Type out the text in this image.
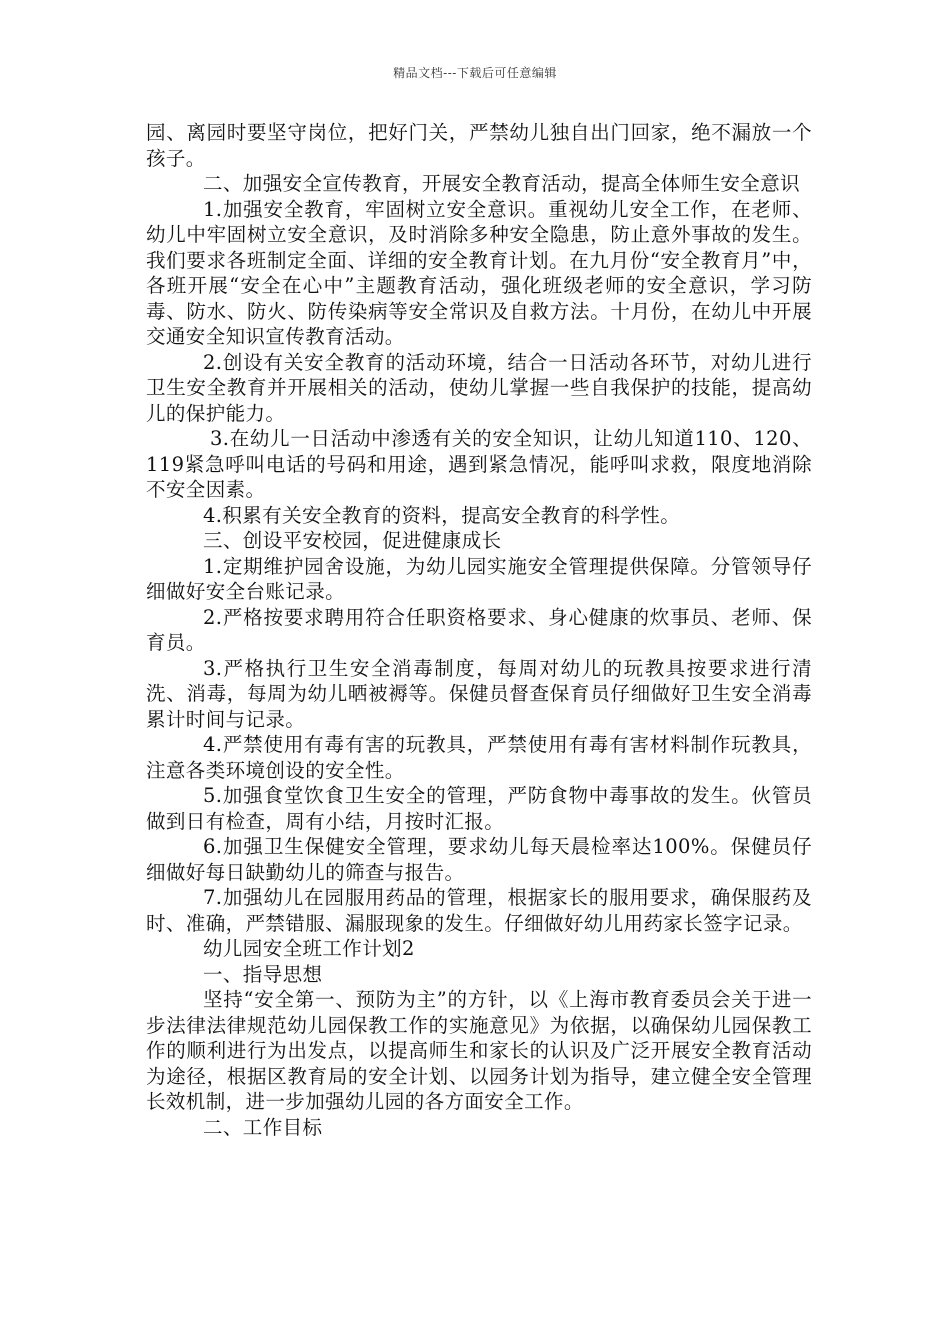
精品文档---下载后可任意编辑

园、离园时要坚守岗位，把好门关，严禁幼儿独自出门回家，绝不漏放一个孩子。

二、加强安全宣传教育，开展安全教育活动，提高全体师生安全意识

1.加强安全教育，牢固树立安全意识。重视幼儿安全工作，在老师、幼儿中牢固树立安全意识，及时消除多种安全隐患，防止意外事故的发生。我们要求各班制定全面、详细的安全教育计划。在九月份“安全教育月”中，各班开展“安全在心中”主题教育活动，强化班级老师的安全意识，学习防毒、防水、防火、防传染病等安全常识及自救方法。十月份，在幼儿中开展交通安全知识宣传教育活动。

2.创设有关安全教育的活动环境，结合一日活动各环节，对幼儿进行卫生安全教育并开展相关的活动，使幼儿掌握一些自我保护的技能，提高幼儿的保护能力。

3.在幼儿一日活动中渗透有关的安全知识，让幼儿知道110、120、119紧急呼叫电话的号码和用途，遇到紧急情况，能呼叫求救，限度地消除不安全因素。

4.积累有关安全教育的资料，提高安全教育的科学性。

三、创设平安校园，促进健康成长

1.定期维护园舍设施，为幼儿园实施安全管理提供保障。分管领导仔细做好安全台账记录。

2.严格按要求聘用符合任职资格要求、身心健康的炊事员、老师、保育员。

3.严格执行卫生安全消毒制度，每周对幼儿的玩教具按要求进行清洗、消毒，每周为幼儿晒被褥等。保健员督查保育员仔细做好卫生安全消毒累计时间与记录。

4.严禁使用有毒有害的玩教具，严禁使用有毒有害材料制作玩教具，注意各类环境创设的安全性。

5.加强食堂饮食卫生安全的管理，严防食物中毒事故的发生。伙管员做到日有检查，周有小结，月按时汇报。

6.加强卫生保健安全管理，要求幼儿每天晨检率达100%。保健员仔细做好每日缺勤幼儿的筛查与报告。

7.加强幼儿在园服用药品的管理，根据家长的服用要求，确保服药及时、准确，严禁错服、漏服现象的发生。仔细做好幼儿用药家长签字记录。

幼儿园安全班工作计划2

一、指导思想

坚持“安全第一、预防为主”的方针，以《上海市教育委员会关于进一步法律法律规范幼儿园保教工作的实施意见》为依据，以确保幼儿园保教工作的顺利进行为出发点，以提高师生和家长的认识及广泛开展安全教育活动为途径，根据区教育局的安全计划、以园务计划为指导，建立健全安全管理长效机制，进一步加强幼儿园的各方面安全工作。

二、工作目标
